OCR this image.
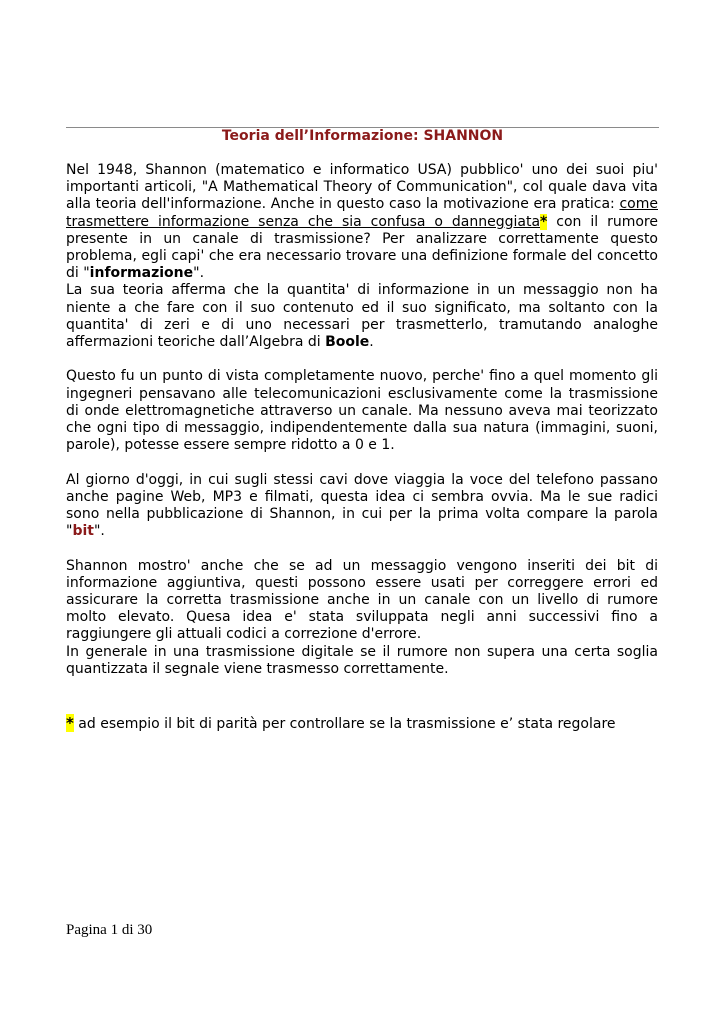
Teoria dell’Informazione: SHANNON

Nel 1948, Shannon (matematico e informatico USA) pubblico' uno dei suoi piu' importanti articoli, "A Mathematical Theory of Communication", col quale dava vita alla teoria dell'informazione. Anche in questo caso la motivazione era pratica: come trasmettere informazione senza che sia confusa o danneggiata* con il rumore presente in un canale di trasmissione? Per analizzare correttamente questo problema, egli capi' che era necessario trovare una definizione formale del concetto di "informazione".

La sua teoria afferma che la quantita' di informazione in un messaggio non ha niente a che fare con il suo contenuto ed il suo significato, ma soltanto con la quantita' di zeri e di uno necessari per trasmetterlo, tramutando analoghe affermazioni teoriche dall’Algebra di Boole.

Questo fu un punto di vista completamente nuovo, perche' fino a quel momento gli ingegneri pensavano alle telecomunicazioni esclusivamente come la trasmissione di onde elettromagnetiche attraverso un canale. Ma nessuno aveva mai teorizzato che ogni tipo di messaggio, indipendentemente dalla sua natura (immagini, suoni, parole), potesse essere sempre ridotto a 0 e 1.

Al giorno d'oggi, in cui sugli stessi cavi dove viaggia la voce del telefono passano anche pagine Web, MP3 e filmati, questa idea ci sembra ovvia. Ma le sue radici sono nella pubblicazione di Shannon, in cui per la prima volta compare la parola "bit".

Shannon mostro' anche che se ad un messaggio vengono inseriti dei bit di informazione aggiuntiva, questi possono essere usati per correggere errori ed assicurare la corretta trasmissione anche in un canale con un livello di rumore molto elevato. Quesa idea e' stata sviluppata negli anni successivi fino a raggiungere gli attuali codici a correzione d'errore.

In generale in una trasmissione digitale se il rumore non supera una certa soglia quantizzata il segnale viene trasmesso correttamente.

* ad esempio il bit di parità per controllare se la trasmissione e’ stata regolare
Pagina 1 di 30
